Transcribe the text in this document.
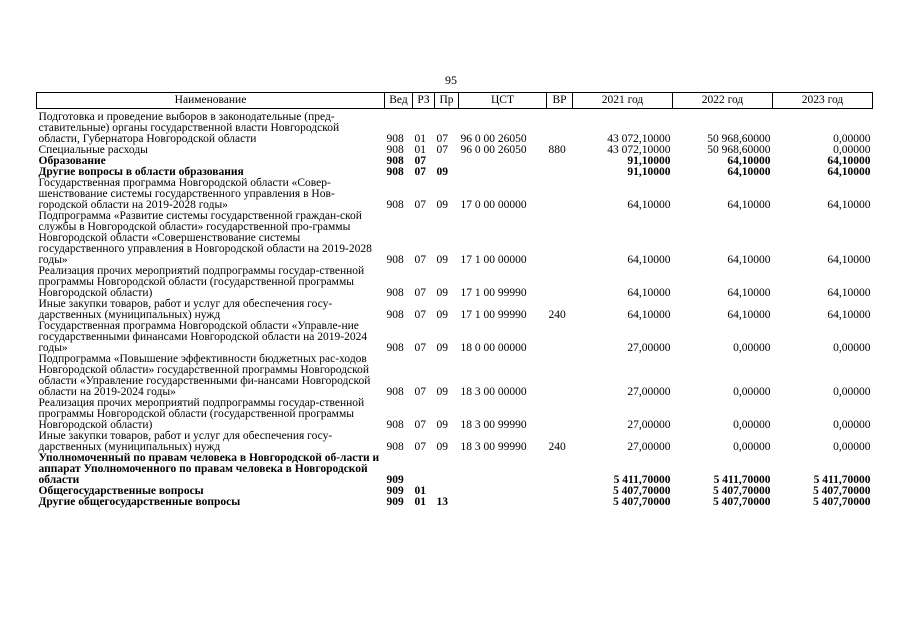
95
Наименование	Вед	РЗ	Пр	ЦСТ	ВР	2021 год	2022 год	2023 год
Подготовка и проведение выборов в законодательные (пред-ставительные) органы государственной власти Новгородской области, Губернатора Новгородской области	908	01	07	96 0 00 26050		43 072,10000	50 968,60000	0,00000
Специальные расходы	908	01	07	96 0 00 26050	880	43 072,10000	50 968,60000	0,00000
Образование	908	07				91,10000	64,10000	64,10000
Другие вопросы в области образования	908	07	09			91,10000	64,10000	64,10000
Государственная программа Новгородской области «Совер-шенствование системы государственного управления в Нов-городской области на 2019-2028 годы»	908	07	09	17 0 00 00000		64,10000	64,10000	64,10000
Подпрограмма «Развитие системы государственной граждан-ской службы в Новгородской области» государственной про-граммы Новгородской области «Совершенствование системы государственного управления в Новгородской области на 2019-2028 годы»	908	07	09	17 1 00 00000		64,10000	64,10000	64,10000
Реализация прочих мероприятий подпрограммы государ-ственной программы Новгородской области (государственной программы Новгородской области)	908	07	09	17 1 00 99990		64,10000	64,10000	64,10000
Иные закупки товаров, работ и услуг для обеспечения госу-дарственных (муниципальных) нужд	908	07	09	17 1 00 99990	240	64,10000	64,10000	64,10000
Государственная программа Новгородской области «Управле-ние государственными финансами Новгородской области на 2019-2024 годы»	908	07	09	18 0 00 00000		27,00000	0,00000	0,00000
Подпрограмма «Повышение эффективности бюджетных рас-ходов Новгородской области» государственной программы Новгородской области «Управление государственными фи-нансами Новгородской области на 2019-2024 годы»	908	07	09	18 3 00 00000		27,00000	0,00000	0,00000
Реализация прочих мероприятий подпрограммы государ-ственной программы Новгородской области (государственной программы Новгородской области)	908	07	09	18 3 00 99990		27,00000	0,00000	0,00000
Иные закупки товаров, работ и услуг для обеспечения госу-дарственных (муниципальных) нужд	908	07	09	18 3 00 99990	240	27,00000	0,00000	0,00000
Уполномоченный по правам человека в Новгородской об-ласти и аппарат Уполномоченного по правам человека в Новгородской области	909					5 411,70000	5 411,70000	5 411,70000
Общегосударственные вопросы	909	01				5 407,70000	5 407,70000	5 407,70000
Другие общегосударственные вопросы	909	01	13			5 407,70000	5 407,70000	5 407,70000
